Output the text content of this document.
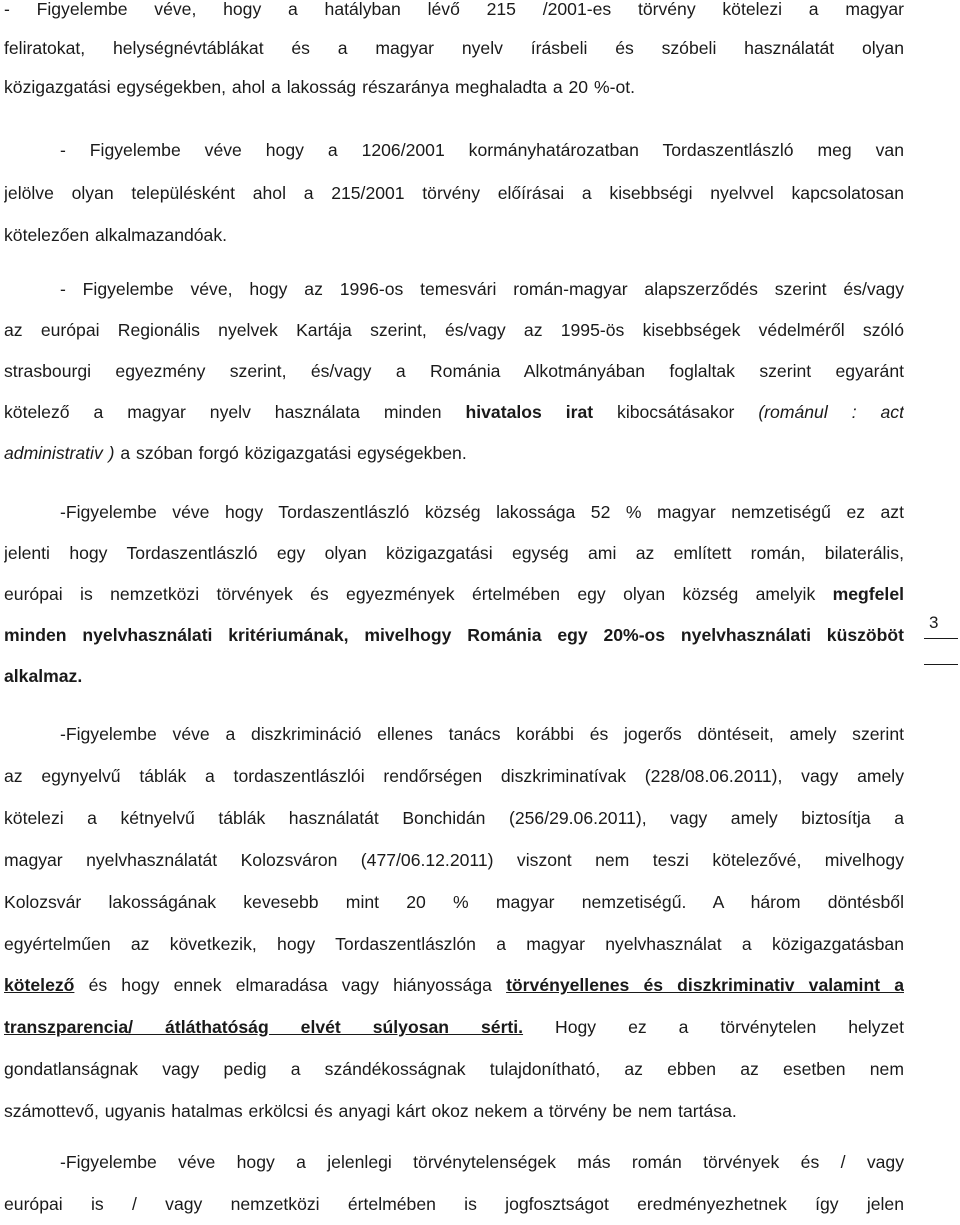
- Figyelembe véve, hogy a hatályban lévő 215 /2001-es törvény kötelezi a magyar
feliratokat, helységnévtáblákat és a magyar nyelv írásbeli és szóbeli használatát olyan
közigazgatási egységekben, ahol a lakosság részaránya meghaladta a 20 %-ot.

- Figyelembe véve hogy a 1206/2001 kormányhatározatban Tordaszentlászló meg van
jelölve olyan településként ahol a 215/2001 törvény előírásai a kisebbségi nyelvvel kapcsolatosan
kötelezően alkalmazandóak.

- Figyelembe véve, hogy az 1996-os temesvári román-magyar alapszerződés szerint és/vagy
az európai Regionális nyelvek Kartája szerint, és/vagy az 1995-ös kisebbségek védelméről szóló
strasbourgi egyezmény szerint, és/vagy a Románia Alkotmányában foglaltak szerint egyaránt
kötelező a magyar nyelv használata minden hivatalos irat kibocsátásakor (románul : act
administrativ ) a szóban forgó közigazgatási egységekben.

-Figyelembe véve hogy Tordaszentlászló község lakossága 52 % magyar nemzetiségű ez azt
jelenti hogy Tordaszentlászló egy olyan közigazgatási egység ami az említett román, bilaterális,
európai is nemzetközi törvények és egyezmények értelmében egy olyan község amelyik megfelel
minden nyelvhasználati kritériumának, mivelhogy Románia egy 20%-os nyelvhasználati küszöböt
alkalmaz.

-Figyelembe véve a diszkrimináció ellenes tanács korábbi és jogerős döntéseit, amely szerint
az egynyelvű táblák a tordaszentlászlói rendőrségen diszkriminatívak (228/08.06.2011), vagy amely
kötelezi a kétnyelvű táblák használatát Bonchidán (256/29.06.2011), vagy amely biztosítja a
magyar nyelvhasználatát Kolozsváron (477/06.12.2011) viszont nem teszi kötelezővé, mivelhogy
Kolozsvár lakosságának kevesebb mint 20 % magyar nemzetiségű. A három döntésből
egyértelműen az következik, hogy Tordaszentlászlón a magyar nyelvhasználat a közigazgatásban
kötelező és hogy ennek elmaradása vagy hiányossága törvényellenes és diszkriminativ valamint a
transzparencia/ átláthatóság elvét súlyosan sérti. Hogy ez a törvénytelen helyzet
gondatlanságnak vagy pedig a szándékosságnak tulajdonítható, az ebben az esetben nem
számottevő, ugyanis hatalmas erkölcsi és anyagi kárt okoz nekem a törvény be nem tartása.

-Figyelembe véve hogy a jelenlegi törvénytelenségek más román törvények és / vagy
európai is / vagy nemzetközi értelmében is jogfosztságot eredményezhetnek így jelen

3
